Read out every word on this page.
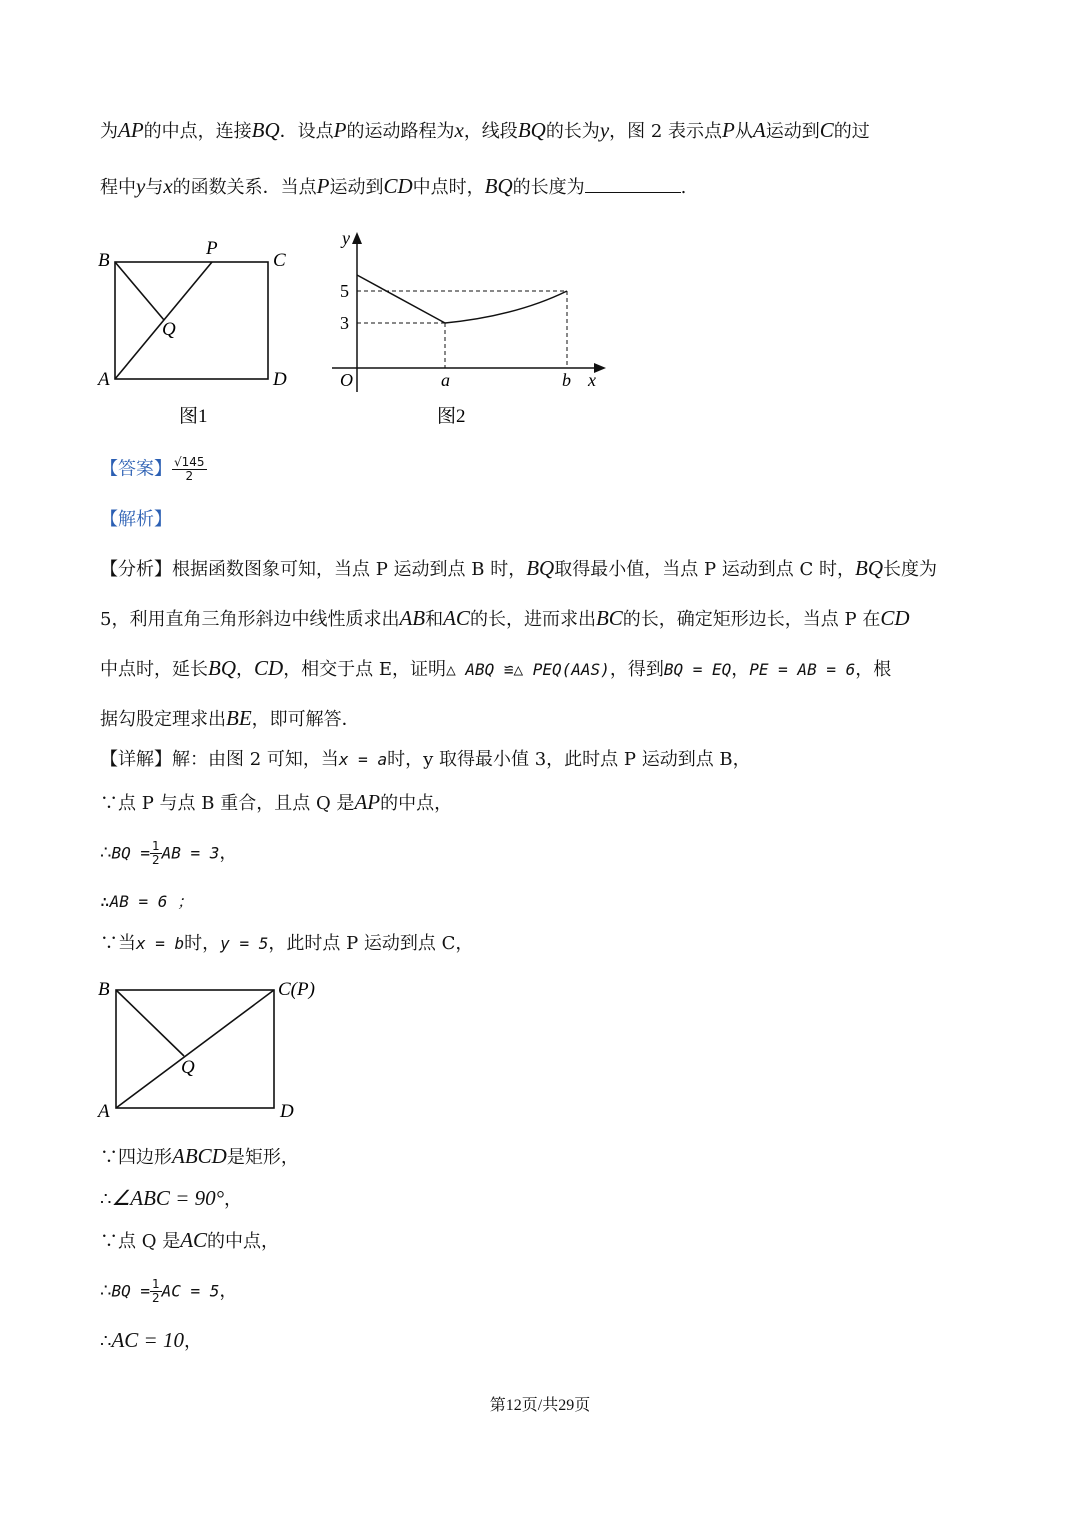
为AP的中点，连接BQ．设点P的运动路程为x，线段BQ的长为y，图 2 表示点P从A运动到C的过
程中y与x的函数关系．当点P运动到CD中点时，BQ的长度为	.
B
P
C
Q
A	D
图1
y
5
3
O	a	b x
图2
【答案】 $\frac{√145}{2}$
【解析】
【分析】根据函数图象可知，当点 P 运动到点 B 时，BQ取得最小值，当点 P 运动到点 C 时，BQ长度为
5，利用直角三角形斜边中线性质求出AB和AC的长，进而求出BC的长，确定矩形边长，当点 P 在CD
中点时，延长BQ，CD，相交于点 E，证明△ ABQ ≌△ PEQ(AAS)，得到BQ = EQ，PE = AB = 6，根
据勾股定理求出BE，即可解答．
【详解】解：由图 2 可知，当x = a时，y 取得最小值 3，此时点 P 运动到点 B，
∵点 P 与点 B 重合，且点 Q 是AP的中点，
∴BQ = $\frac{1}{2}$ AB = 3，
∴AB = 6 ；
∵当x = b时，y = 5，此时点 P 运动到点 C，
B	C(P)
Q
A	D
∵四边形ABCD是矩形，
∴∠ABC = 90°，
∵点 Q 是AC的中点，
∴BQ = $\frac{1}{2}$ AC = 5，
∴AC = 10，
第12页/共29页
